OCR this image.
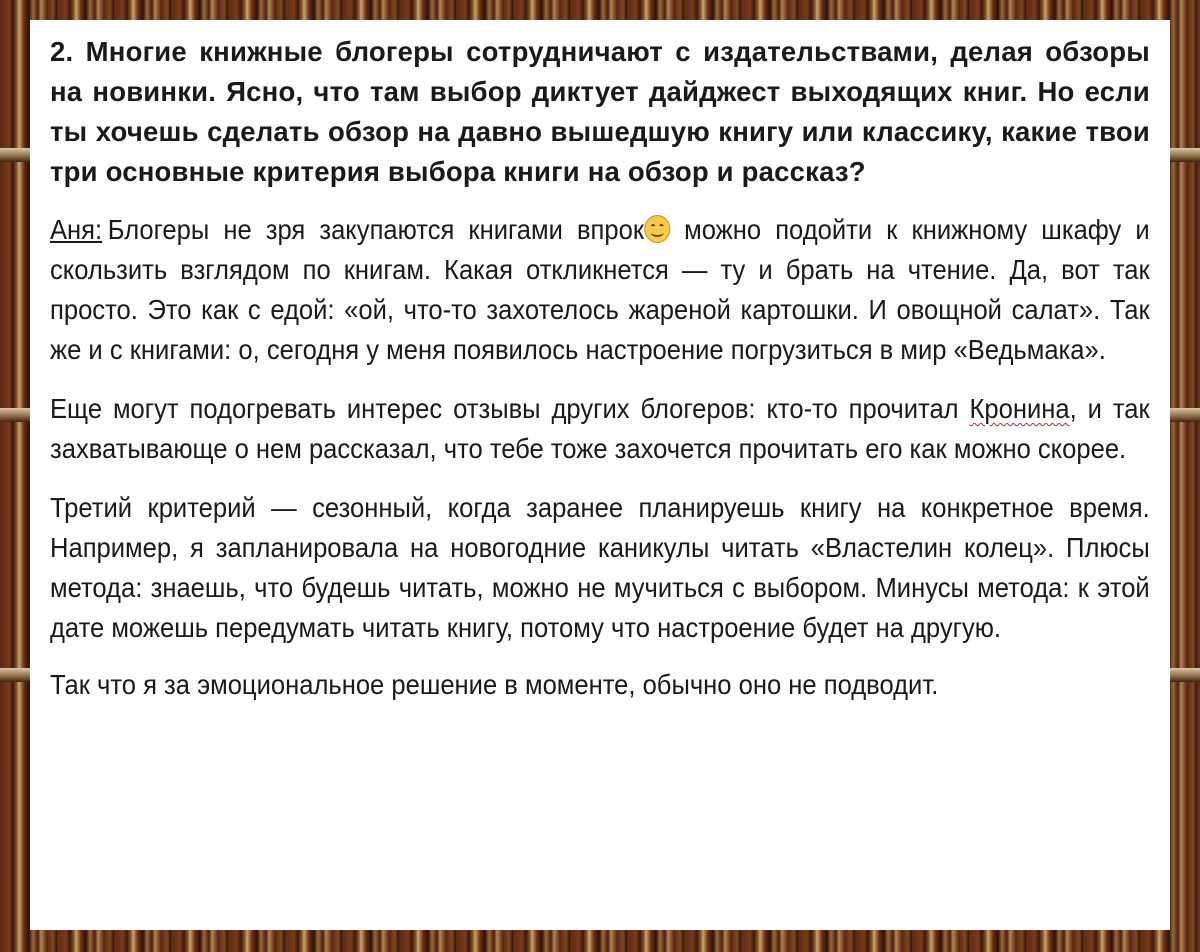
2. Многие книжные блогеры сотрудничают с издательствами, делая обзоры на новинки. Ясно, что там выбор диктует дайджест выходящих книг. Но если ты хочешь сделать обзор на давно вышедшую книгу или классику, какие твои три основные критерия выбора книги на обзор и рассказ?

Аня: Блогеры не зря закупаются книгами впрок
можно подойти к книжному шкафу и скользить взглядом по книгам. Какая откликнется — ту и брать на чтение. Да, вот так просто. Это как с едой: «ой, что-то захотелось жареной картошки. И овощной салат». Так же и с книгами: о, сегодня у меня появилось настроение погрузиться в мир «Ведьмака».

Еще могут подогревать интерес отзывы других блогеров: кто-то прочитал Кронина, и так захватывающе о нем рассказал, что тебе тоже захочется прочитать его как можно скорее.

Третий критерий — сезонный, когда заранее планируешь книгу на конкретное время. Например, я запланировала на новогодние каникулы читать «Властелин колец». Плюсы метода: знаешь, что будешь читать, можно не мучиться с выбором. Минусы метода: к этой дате можешь передумать читать книгу, потому что настроение будет на другую.

Так что я за эмоциональное решение в моменте, обычно оно не подводит.
